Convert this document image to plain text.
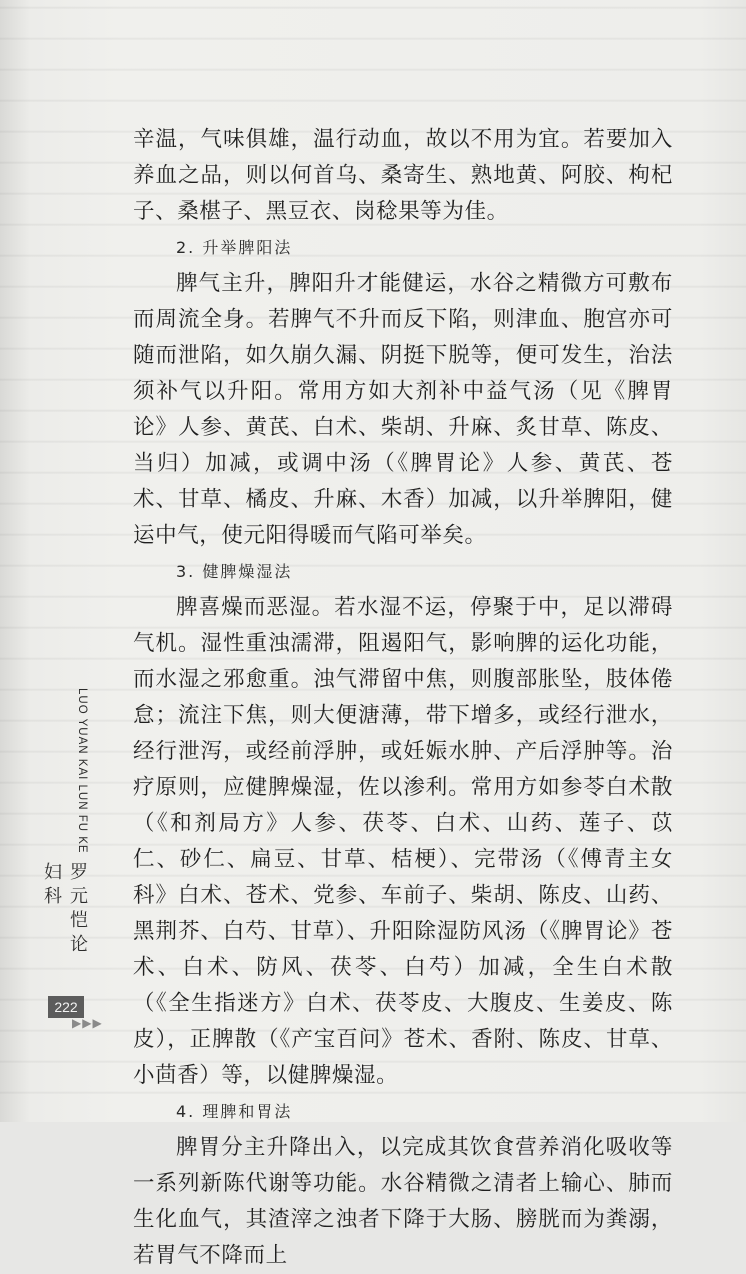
辛温，气味俱雄，温行动血，故以不用为宜。若要加入养血之品，则以何首乌、桑寄生、熟地黄、阿胶、枸杞子、桑椹子、黑豆衣、岗稔果等为佳。

2. 升举脾阳法

脾气主升，脾阳升才能健运，水谷之精微方可敷布而周流全身。若脾气不升而反下陷，则津血、胞宫亦可随而泄陷，如久崩久漏、阴挺下脱等，便可发生，治法须补气以升阳。常用方如大剂补中益气汤（见《脾胃论》人参、黄芪、白术、柴胡、升麻、炙甘草、陈皮、当归）加减，或调中汤（《脾胃论》人参、黄芪、苍术、甘草、橘皮、升麻、木香）加减，以升举脾阳，健运中气，使元阳得暖而气陷可举矣。

3. 健脾燥湿法

脾喜燥而恶湿。若水湿不运，停聚于中，足以滞碍气机。湿性重浊濡滞，阻遏阳气，影响脾的运化功能，而水湿之邪愈重。浊气滞留中焦，则腹部胀坠，肢体倦怠；流注下焦，则大便溏薄，带下增多，或经行泄水，经行泄泻，或经前浮肿，或妊娠水肿、产后浮肿等。治疗原则，应健脾燥湿，佐以渗利。常用方如参苓白术散（《和剂局方》人参、茯苓、白术、山药、莲子、苡仁、砂仁、扁豆、甘草、桔梗）、完带汤（《傅青主女科》白术、苍术、党参、车前子、柴胡、陈皮、山药、黑荆芥、白芍、甘草）、升阳除湿防风汤（《脾胃论》苍术、白术、防风、茯苓、白芍）加减，全生白术散（《全生指迷方》白术、茯苓皮、大腹皮、生姜皮、陈皮），正脾散（《产宝百问》苍术、香附、陈皮、甘草、小茴香）等，以健脾燥湿。

4. 理脾和胃法

脾胃分主升降出入，以完成其饮食营养消化吸收等一系列新陈代谢等功能。水谷精微之清者上输心、肺而生化血气，其渣滓之浊者下降于大肠、膀胱而为粪溺，若胃气不降而上

LUO YUAN KAI LUN FU KE
罗元恺论妇科
222
▶▶▶
